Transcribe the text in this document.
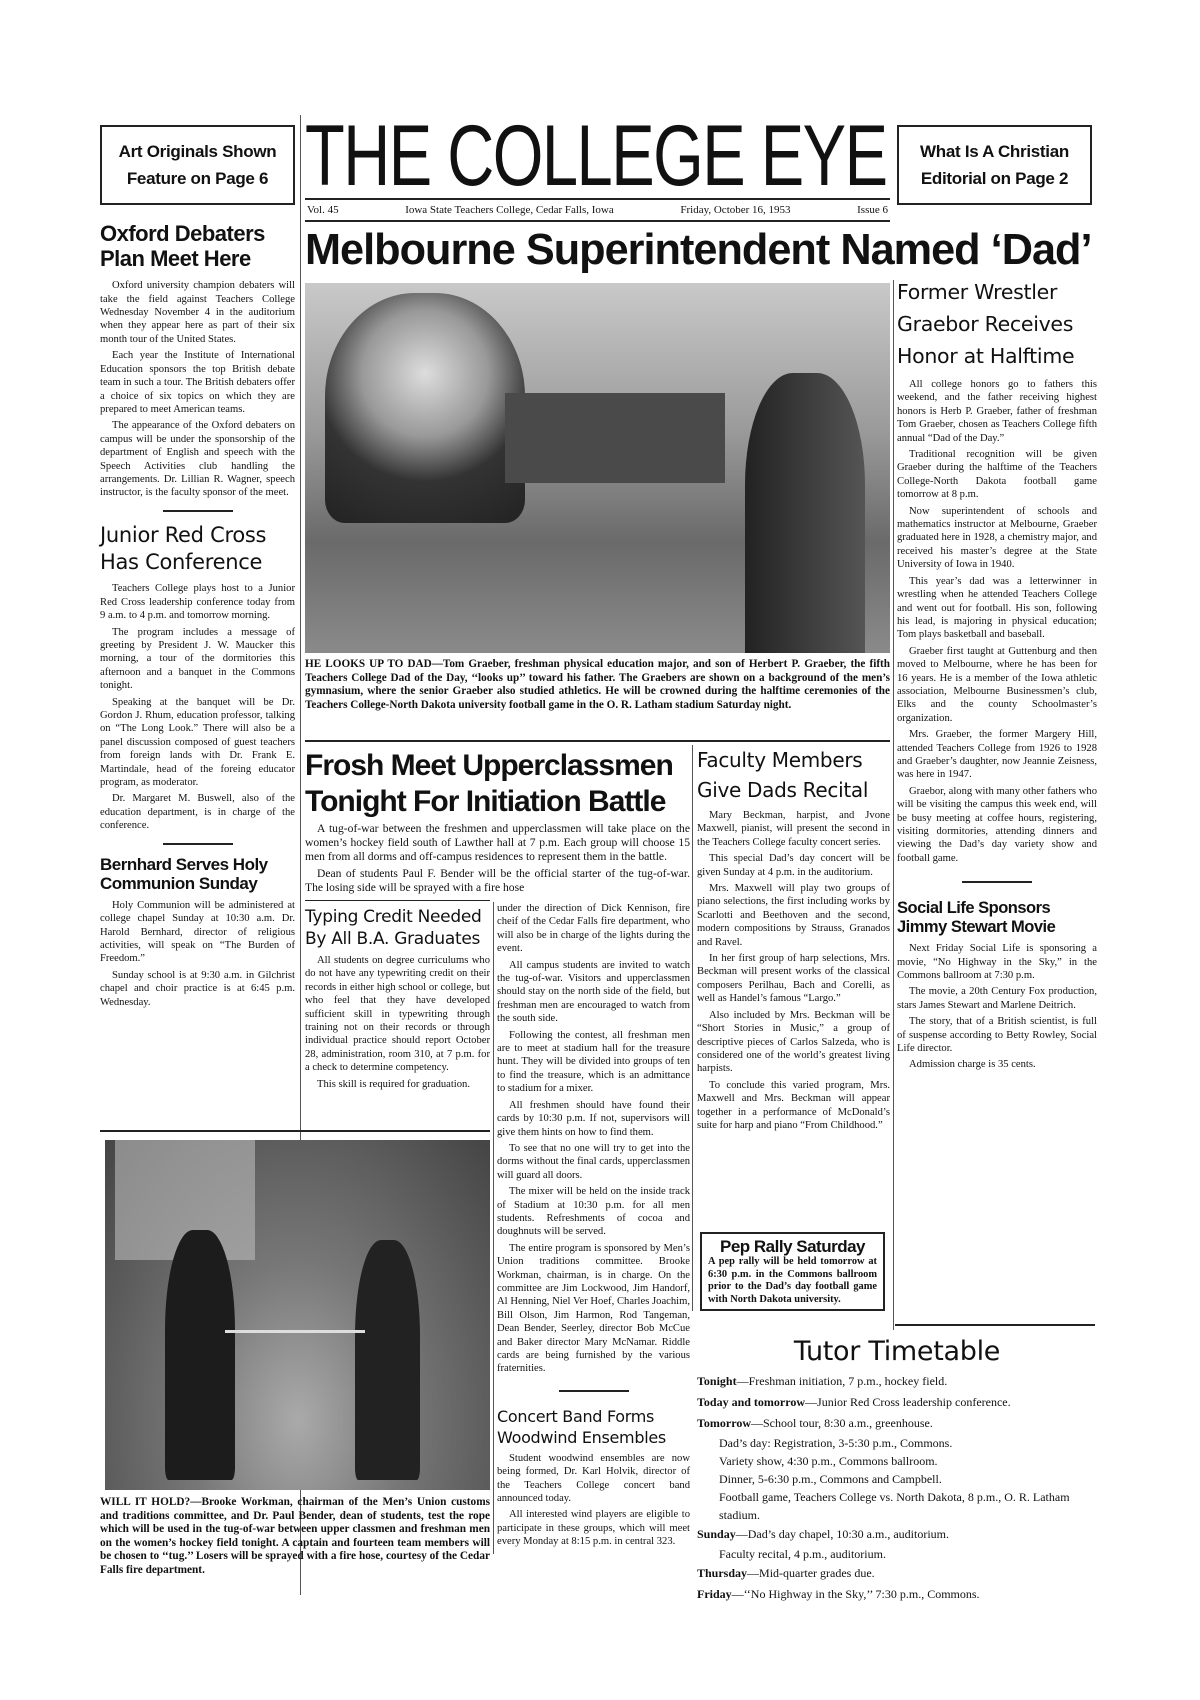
Art Originals Shown
Feature on Page 6 THE COLLEGE EYE
Vol. 45	Iowa State Teachers College, Cedar Falls, Iowa	Friday, October 16, 1953	Issue 6
What Is A Christian
Editorial on Page 2
Oxford Debaters
Plan Meet Here

Oxford university champion debaters will take the field against Teachers College Wednesday November 4 in the auditorium when they appear here as part of their six month tour of the United States.

Each year the Institute of International Education sponsors the top British debate team in such a tour. The British debaters offer a choice of six topics on which they are prepared to meet American teams.

The appearance of the Oxford debaters on campus will be under the sponsorship of the department of English and speech with the Speech Activities club handling the arrangements. Dr. Lillian R. Wagner, speech instructor, is the faculty sponsor of the meet.

Junior Red Cross
Has Conference

Teachers College plays host to a Junior Red Cross leadership conference today from 9 a.m. to 4 p.m. and tomorrow morning.

The program includes a message of greeting by President J. W. Maucker this morning, a tour of the dormitories this afternoon and a banquet in the Commons tonight.

Speaking at the banquet will be Dr. Gordon J. Rhum, education professor, talking on “The Long Look.” There will also be a panel discussion composed of guest teachers from foreign lands with Dr. Frank E. Martindale, head of the foreing educator program, as moderator.

Dr. Margaret M. Buswell, also of the education department, is in charge of the conference.

Bernhard Serves Holy
Communion Sunday

Holy Communion will be administered at college chapel Sunday at 10:30 a.m. Dr. Harold Bernhard, director of religious activities, will speak on “The Burden of Freedom.”

Sunday school is at 9:30 a.m. in Gilchrist chapel and choir practice is at 6:45 p.m. Wednesday.

Melbourne Superintendent Named ‘Dad’
HE LOOKS UP TO DAD—Tom Graeber, freshman physical education major, and son of Herbert P. Graeber, the fifth Teachers College Dad of the Day, ‘‘looks up’’ toward his father. The Graebers are shown on a background of the men’s gymnasium, where the senior Graeber also studied athletics. He will be crowned during the halftime ceremonies of the Teachers College-North Dakota university football game in the O. R. Latham stadium Saturday night.
Former Wrestler
Graebor Receives
Honor at Halftime

All college honors go to fathers this weekend, and the father receiving highest honors is Herb P. Graeber, father of freshman Tom Graeber, chosen as Teachers College fifth annual “Dad of the Day.”

Traditional recognition will be given Graeber during the halftime of the Teachers College-North Dakota football game tomorrow at 8 p.m.

Now superintendent of schools and mathematics instructor at Melbourne, Graeber graduated here in 1928, a chemistry major, and received his master’s degree at the State University of Iowa in 1940.

This year’s dad was a letterwinner in wrestling when he attended Teachers College and went out for football. His son, following his lead, is majoring in physical education; Tom plays basketball and baseball.

Graeber first taught at Guttenburg and then moved to Melbourne, where he has been for 16 years. He is a member of the Iowa athletic association, Melbourne Businessmen’s club, Elks and the county Schoolmaster’s organization.

Mrs. Graeber, the former Margery Hill, attended Teachers College from 1926 to 1928 and Graeber’s daughter, now Jeannie Zeisness, was here in 1947.

Graebor, along with many other fathers who will be visiting the campus this week end, will be busy meeting at coffee hours, registering, visiting dormitories, attending dinners and viewing the Dad’s day variety show and football game.

Social Life Sponsors
Jimmy Stewart Movie

Next Friday Social Life is sponsoring a movie, “No Highway in the Sky,” in the Commons ballroom at 7:30 p.m.

The movie, a 20th Century Fox production, stars James Stewart and Marlene Deitrich.

The story, that of a British scientist, is full of suspense according to Betty Rowley, Social Life director.

Admission charge is 35 cents.

Frosh Meet Upperclassmen
Tonight For Initiation Battle

A tug-of-war between the freshmen and upperclassmen will take place on the women’s hockey field south of Lawther hall at 7 p.m. Each group will choose 15 men from all dorms and off-campus residences to represent them in the battle.

Dean of students Paul F. Bender will be the official starter of the tug-of-war. The losing side will be sprayed with a fire hose

Typing Credit Needed
By All B.A. Graduates

All students on degree curriculums who do not have any typewriting credit on their records in either high school or college, but who feel that they have developed sufficient skill in typewriting through training not on their records or through individual practice should report October 28, administration, room 310, at 7 p.m. for a check to determine competency.

This skill is required for graduation.

under the direction of Dick Kennison, fire cheif of the Cedar Falls fire department, who will also be in charge of the lights during the event.

All campus students are invited to watch the tug-of-war. Visitors and upperclassmen should stay on the north side of the field, but freshman men are encouraged to watch from the south side.

Following the contest, all freshman men are to meet at stadium hall for the treasure hunt. They will be divided into groups of ten to find the treasure, which is an admittance to stadium for a mixer.

All freshmen should have found their cards by 10:30 p.m. If not, supervisors will give them hints on how to find them.

To see that no one will try to get into the dorms without the final cards, upperclassmen will guard all doors.

The mixer will be held on the inside track of Stadium at 10:30 p.m. for all men students. Refreshments of cocoa and doughnuts will be served.

The entire program is sponsored by Men’s Union traditions committee. Brooke Workman, chairman, is in charge. On the committee are Jim Lockwood, Jim Handorf, Al Henning, Niel Ver Hoef, Charles Joachim, Bill Olson, Jim Harmon, Rod Tangeman, Dean Bender, Seerley, director Bob McCue and Baker director Mary McNamar. Riddle cards are being furnished by the various fraternities.

Concert Band Forms
Woodwind Ensembles

Student woodwind ensembles are now being formed, Dr. Karl Holvik, director of the Teachers College concert band announced today.

All interested wind players are eligible to participate in these groups, which will meet every Monday at 8:15 p.m. in central 323.

Faculty Members
Give Dads Recital

Mary Beckman, harpist, and Jvone Maxwell, pianist, will present the second in the Teachers College faculty concert series.

This special Dad’s day concert will be given Sunday at 4 p.m. in the auditorium.

Mrs. Maxwell will play two groups of piano selections, the first including works by Scarlotti and Beethoven and the second, modern compositions by Strauss, Granados and Ravel.

In her first group of harp selections, Mrs. Beckman will present works of the classical composers Perilhau, Bach and Corelli, as well as Handel’s famous “Largo.”

Also included by Mrs. Beckman will be “Short Stories in Music,” a group of descriptive pieces of Carlos Salzeda, who is considered one of the world’s greatest living harpists.

To conclude this varied program, Mrs. Maxwell and Mrs. Beckman will appear together in a performance of McDonald’s suite for harp and piano “From Childhood.”

Pep Rally Saturday
A pep rally will be held tomorrow at 6:30 p.m. in the Commons ballroom prior to the Dad’s day football game with North Dakota university.
WILL IT HOLD?—Brooke Workman, chairman of the Men’s Union customs and traditions committee, and Dr. Paul Bender, dean of students, test the rope which will be used in the tug-of-war between upper classmen and freshman men on the women’s hockey field tonight. A captain and fourteen team members will be chosen to ‘‘tug.’’ Losers will be sprayed with a fire hose, courtesy of the Cedar Falls fire department.
Tutor Timetable

Tonight—Freshman initiation, 7 p.m., hockey field.

Today and tomorrow—Junior Red Cross leadership conference.

Tomorrow—School tour, 8:30 a.m., greenhouse.

Dad’s day: Registration, 3-5:30 p.m., Commons.

Variety show, 4:30 p.m., Commons ballroom.

Dinner, 5-6:30 p.m., Commons and Campbell.

Football game, Teachers College vs. North Dakota, 8 p.m., O. R. Latham stadium.

Sunday—Dad’s day chapel, 10:30 a.m., auditorium.

Faculty recital, 4 p.m., auditorium.

Thursday—Mid-quarter grades due.

Friday—‘‘No Highway in the Sky,’’ 7:30 p.m., Commons.
